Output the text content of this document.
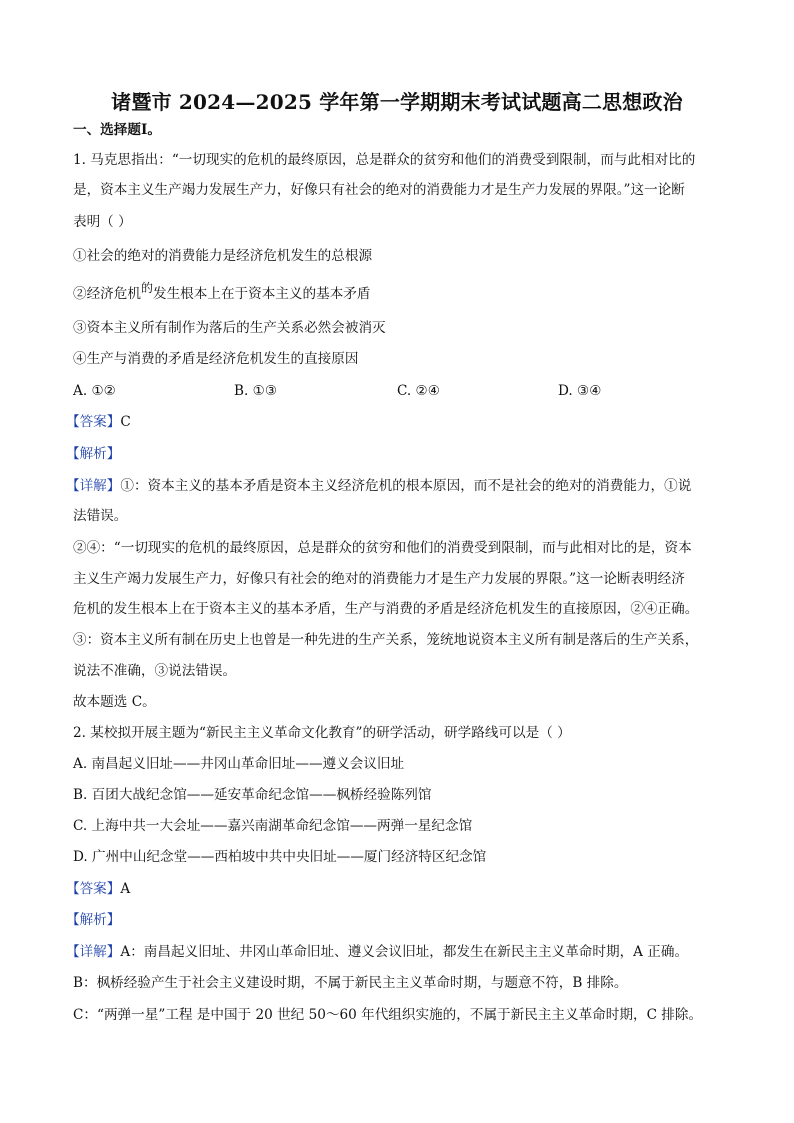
诸暨市 2024—2025 学年第一学期期末考试试题高二思想政治
一、选择题Ⅰ。
1. 马克思指出：“一切现实的危机的最终原因，总是群众的贫穷和他们的消费受到限制，而与此相对比的
是，资本主义生产竭力发展生产力，好像只有社会的绝对的消费能力才是生产力发展的界限。”这一论断
表明（ ）
①社会的绝对的消费能力是经济危机发生的总根源
②经济危机的发生根本上在于资本主义的基本矛盾
③资本主义所有制作为落后的生产关系必然会被消灭
④生产与消费的矛盾是经济危机发生的直接原因
A. ①②	B. ①③	C. ②④	D. ③④
【答案】C
【解析】
【详解】①：资本主义的基本矛盾是资本主义经济危机的根本原因，而不是社会的绝对的消费能力，①说
法错误。
②④：“一切现实的危机的最终原因，总是群众的贫穷和他们的消费受到限制，而与此相对比的是，资本
主义生产竭力发展生产力，好像只有社会的绝对的消费能力才是生产力发展的界限。”这一论断表明经济
危机的发生根本上在于资本主义的基本矛盾，生产与消费的矛盾是经济危机发生的直接原因，②④正确。
③：资本主义所有制在历史上也曾是一种先进的生产关系，笼统地说资本主义所有制是落后的生产关系，
说法不准确，③说法错误。
故本题选 C。
2. 某校拟开展主题为“新民主主义革命文化教育”的研学活动，研学路线可以是（ ）
A. 南昌起义旧址——井冈山革命旧址——遵义会议旧址
B. 百团大战纪念馆——延安革命纪念馆——枫桥经验陈列馆
C. 上海中共一大会址——嘉兴南湖革命纪念馆——两弹一星纪念馆
D. 广州中山纪念堂——西柏坡中共中央旧址——厦门经济特区纪念馆
【答案】A
【解析】
【详解】A：南昌起义旧址、井冈山革命旧址、遵义会议旧址，都发生在新民主主义革命时期，A 正确。
B：枫桥经验产生于社会主义建设时期，不属于新民主主义革命时期，与题意不符，B 排除。
C：“两弹一星”工程 是中国于 20 世纪 50～60 年代组织实施的，不属于新民主主义革命时期，C 排除。
